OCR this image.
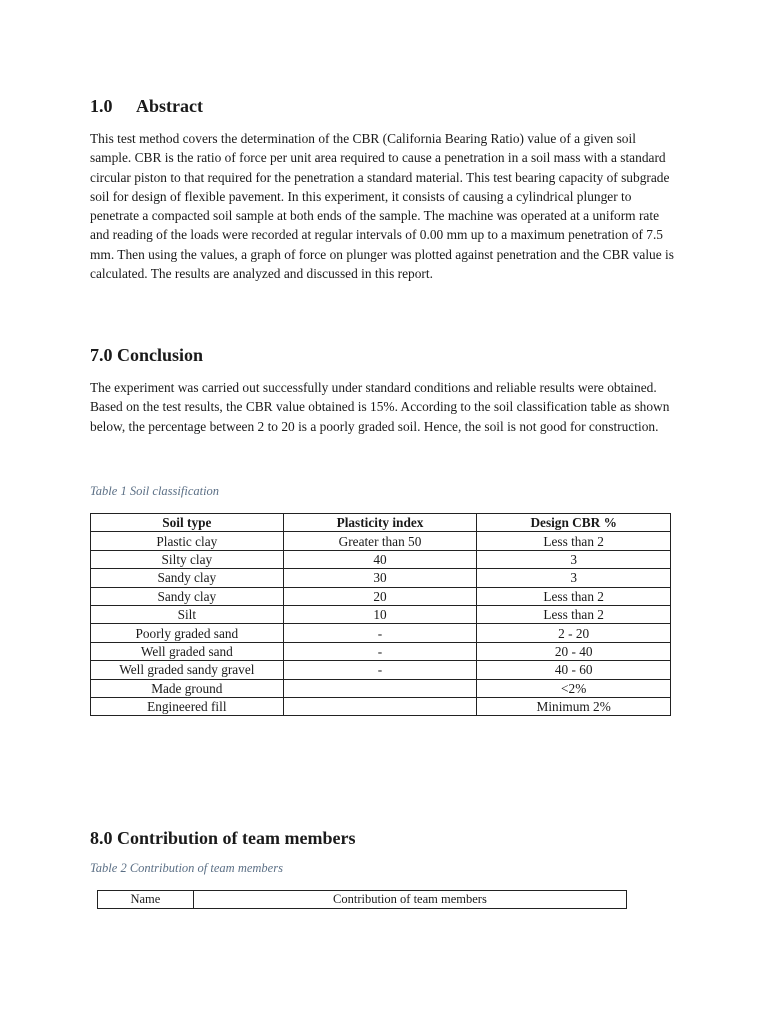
1.0 Abstract

This test method covers the determination of the CBR (California Bearing Ratio) value of a given soil sample. CBR is the ratio of force per unit area required to cause a penetration in a soil mass with a standard circular piston to that required for the penetration a standard material. This test bearing capacity of subgrade soil for design of flexible pavement. In this experiment, it consists of causing a cylindrical plunger to penetrate a compacted soil sample at both ends of the sample. The machine was operated at a uniform rate and reading of the loads were recorded at regular intervals of 0.00 mm up to a maximum penetration of 7.5 mm. Then using the values, a graph of force on plunger was plotted against penetration and the CBR value is calculated. The results are analyzed and discussed in this report.

7.0 Conclusion

The experiment was carried out successfully under standard conditions and reliable results were obtained. Based on the test results, the CBR value obtained is 15%. According to the soil classification table as shown below, the percentage between 2 to 20 is a poorly graded soil. Hence, the soil is not good for construction.

Table 1 Soil classification

Soil type	Plasticity index	Design CBR %
Plastic clay	Greater than 50	Less than 2
Silty clay	40	3
Sandy clay	30	3
Sandy clay	20	Less than 2
Silt	10	Less than 2
Poorly graded sand	-	2 - 20
Well graded sand	-	20 - 40
Well graded sandy gravel	-	40 - 60
Made ground		<2%
Engineered fill		Minimum 2%
8.0 Contribution of team members

Table 2 Contribution of team members

Name	Contribution of team members
